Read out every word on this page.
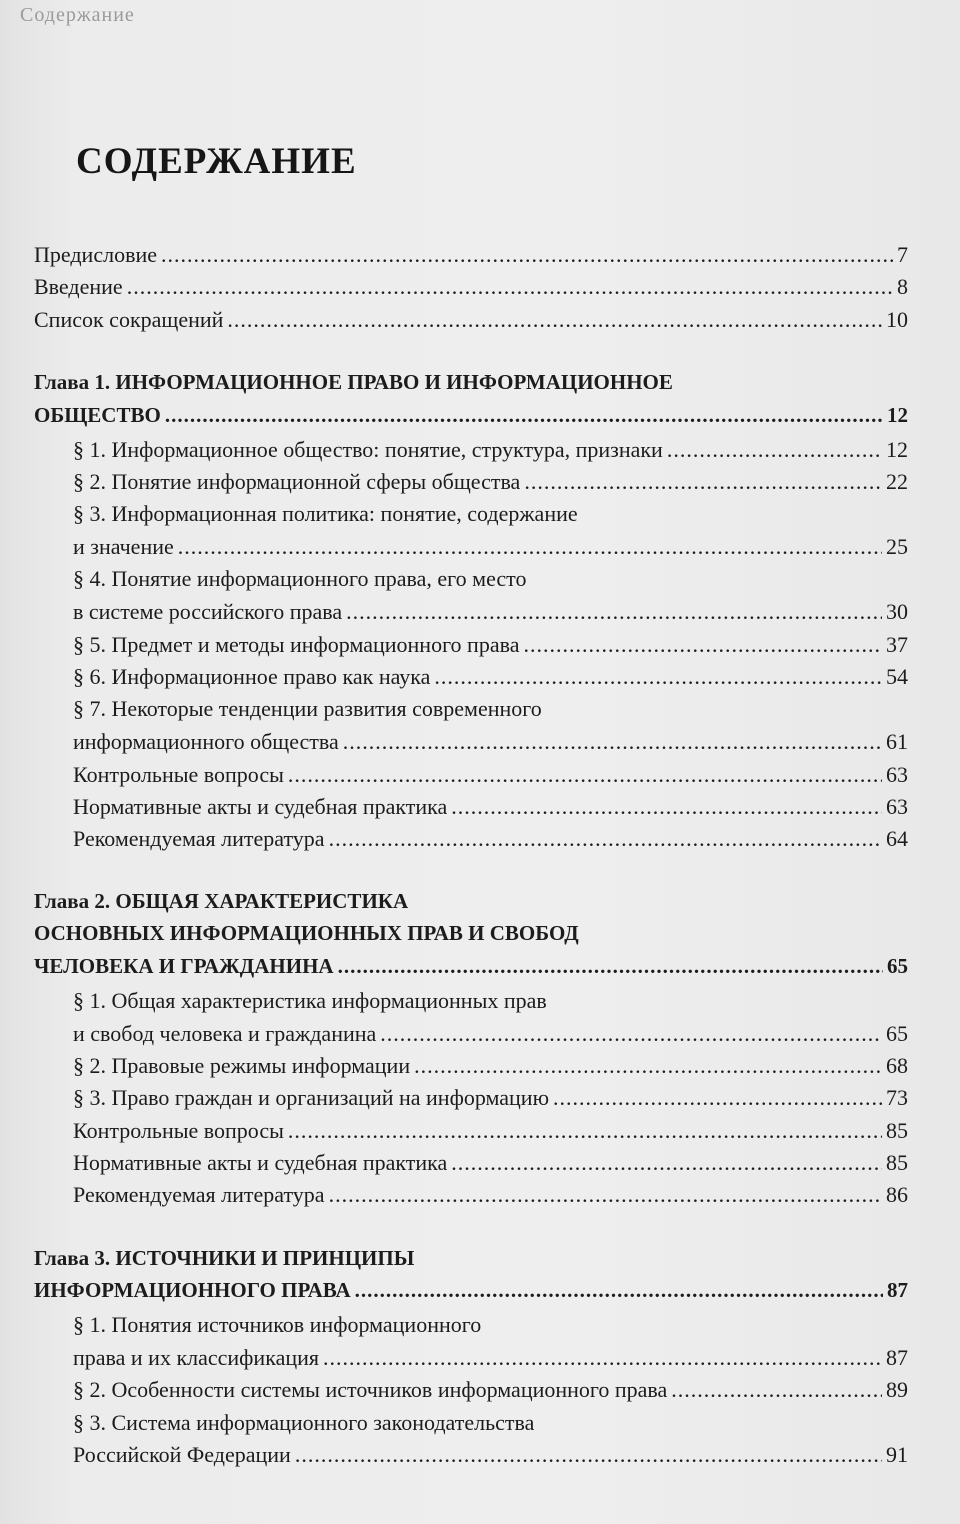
Содержание
СОДЕРЖАНИЕ
Предисловие .....	7
Введение .....	8
Список сокращений .....	10
Глава 1. ИНФОРМАЦИОННОЕ ПРАВО И ИНФОРМАЦИОННОЕ
ОБЩЕСТВО .....	12
§ 1. Информационное общество: понятие, структура, признаки .....	12
§ 2. Понятие информационной сферы общества .....	22
§ 3. Информационная политика: понятие, содержание
и значение .....	25
§ 4. Понятие информационного права, его место
в системе российского права .....	30
§ 5. Предмет и методы информационного права .....	37
§ 6. Информационное право как наука .....	54
§ 7. Некоторые тенденции развития современного
информационного общества .....	61
Контрольные вопросы .....	63
Нормативные акты и судебная практика .....	63
Рекомендуемая литература .....	64
Глава 2. ОБЩАЯ ХАРАКТЕРИСТИКА
ОСНОВНЫХ ИНФОРМАЦИОННЫХ ПРАВ И СВОБОД
ЧЕЛОВЕКА И ГРАЖДАНИНА .....	65
§ 1. Общая характеристика информационных прав
и свобод человека и гражданина .....	65
§ 2. Правовые режимы информации .....	68
§ 3. Право граждан и организаций на информацию .....	73
Контрольные вопросы .....	85
Нормативные акты и судебная практика .....	85
Рекомендуемая литература .....	86
Глава 3. ИСТОЧНИКИ И ПРИНЦИПЫ
ИНФОРМАЦИОННОГО ПРАВА .....	87
§ 1. Понятия источников информационного
права и их классификация .....	87
§ 2. Особенности системы источников информационного права .....	89
§ 3. Система информационного законодательства
Российской Федерации .....	91
